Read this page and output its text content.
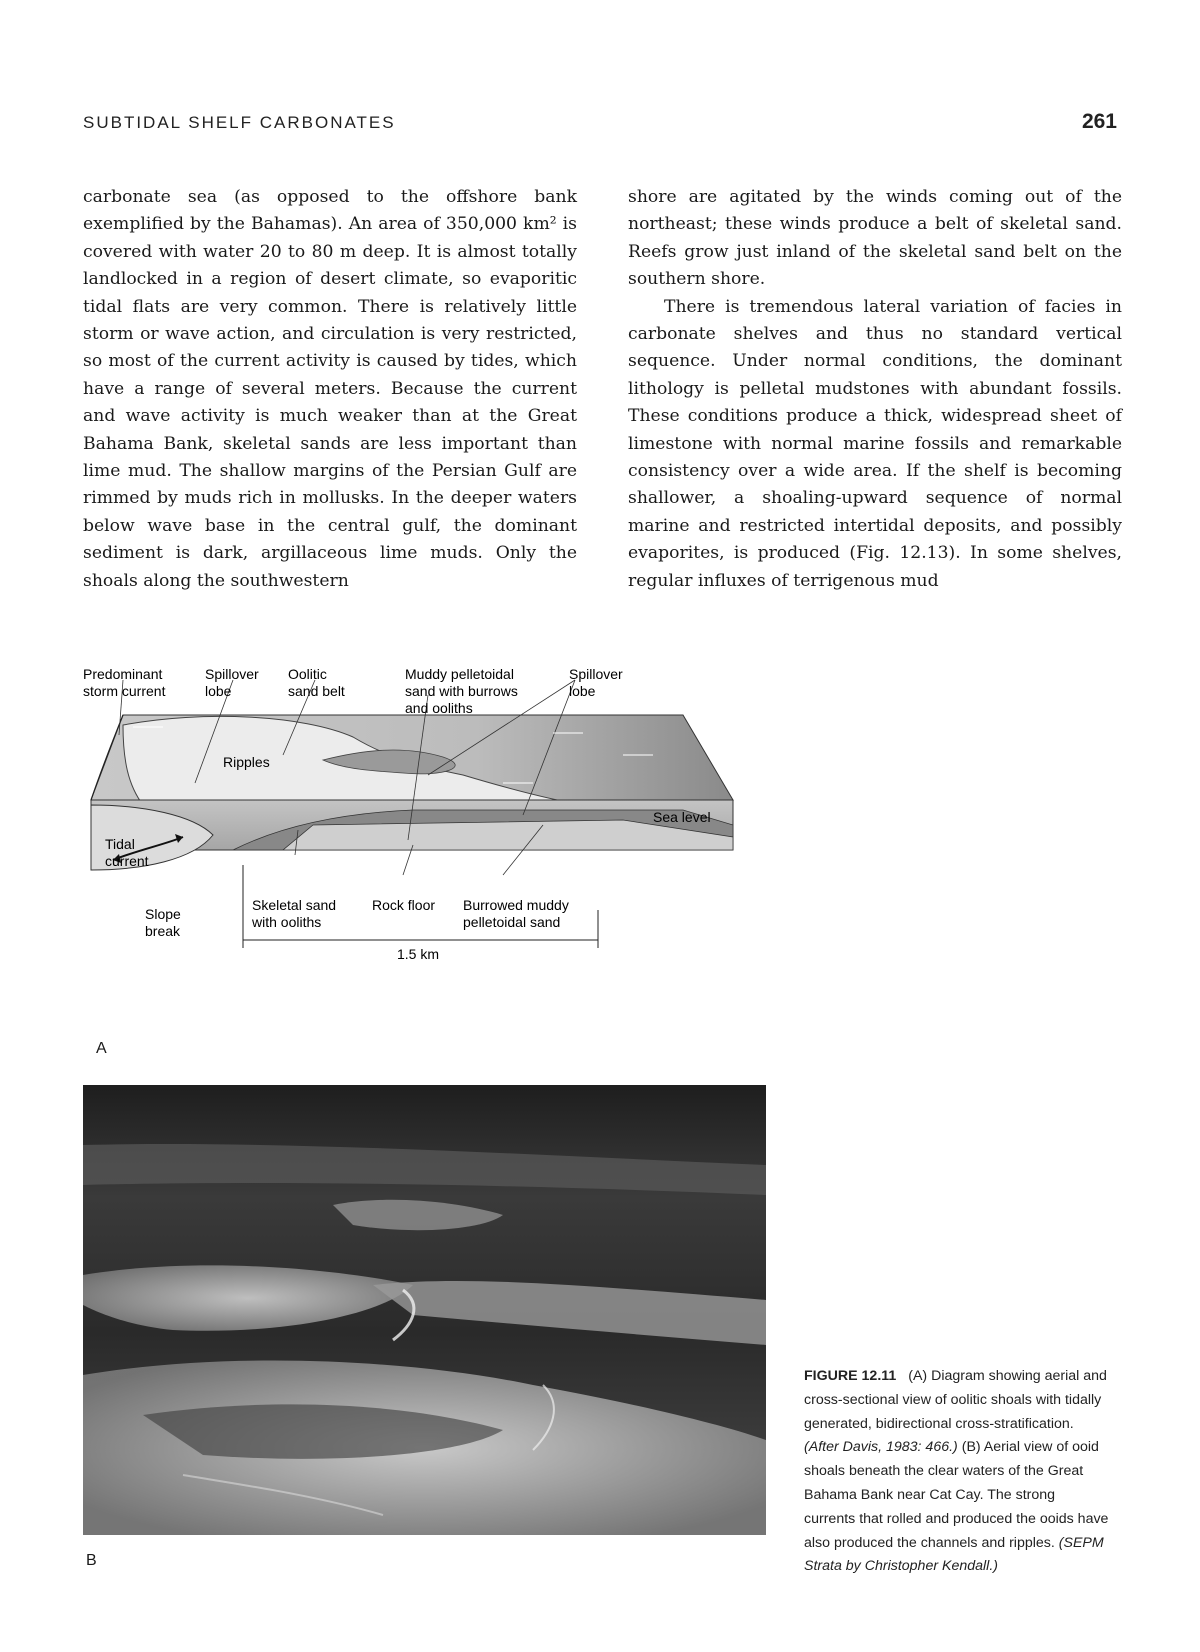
SUBTIDAL SHELF CARBONATES	261

carbonate sea (as opposed to the offshore bank exemplified by the Bahamas). An area of 350,000 km² is covered with water 20 to 80 m deep. It is almost totally landlocked in a region of desert climate, so evaporitic tidal flats are very common. There is relatively little storm or wave action, and circulation is very restricted, so most of the current activity is caused by tides, which have a range of several meters. Because the current and wave activity is much weaker than at the Great Bahama Bank, skeletal sands are less important than lime mud. The shallow margins of the Persian Gulf are rimmed by muds rich in mollusks. In the deeper waters below wave base in the central gulf, the dominant sediment is dark, argillaceous lime muds. Only the shoals along the southwestern

shore are agitated by the winds coming out of the northeast; these winds produce a belt of skeletal sand. Reefs grow just inland of the skeletal sand belt on the southern shore.

There is tremendous lateral variation of facies in carbonate shelves and thus no standard vertical sequence. Under normal conditions, the dominant lithology is pelletal mudstones with abundant fossils. These conditions produce a thick, widespread sheet of limestone with normal marine fossils and remarkable consistency over a wide area. If the shelf is becoming shallower, a shoaling-upward sequence of normal marine and restricted intertidal deposits, and possibly evaporites, is produced (Fig. 12.13). In some shelves, regular influxes of terrigenous mud

Predominant storm current
Spillover lobe
Oolitic sand belt
Muddy pelletoidal sand with burrows and ooliths
Spillover lobe
Ripples
Sea level
Tidal current
Slope break
Skeletal sand with ooliths
Rock floor Burrowed muddy pelletoidal sand
1.5 km
A
B
FIGURE 12.11 (A) Diagram showing aerial and cross-sectional view of oolitic shoals with tidally generated, bidirectional cross-stratification. (After Davis, 1983: 466.) (B) Aerial view of ooid shoals beneath the clear waters of the Great Bahama Bank near Cat Cay. The strong currents that rolled and produced the ooids have also produced the channels and ripples. (SEPM Strata by Christopher Kendall.)
